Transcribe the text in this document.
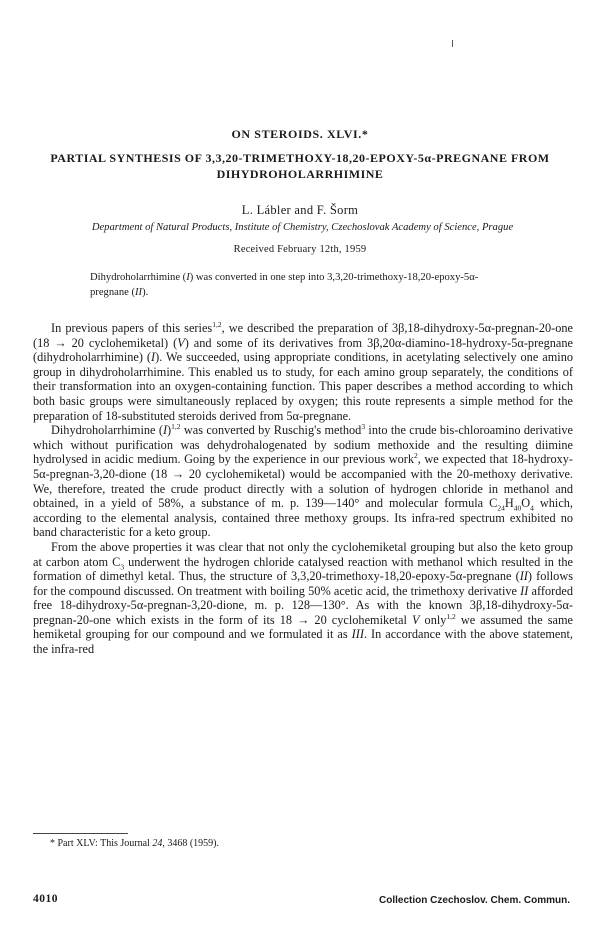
ON STEROIDS. XLVI.*
PARTIAL SYNTHESIS OF 3,3,20-TRIMETHOXY-18,20-EPOXY-5α-PREGNANE FROM DIHYDROHOLARRHIMINE
L. Lábler and F. Šorm
Department of Natural Products, Institute of Chemistry, Czechoslovak Academy of Science, Prague
Received February 12th, 1959
Dihydroholarrhimine (I) was converted in one step into 3,3,20-trimethoxy-18,20-epoxy-5α-pregnane (II).

In previous papers of this series$^{1,2}$, we described the preparation of 3β,18-dihydroxy-5α-pregnan-20-one (18 → 20 cyclohemiketal) (V) and some of its derivatives from 3β,20α-diamino-18-hydroxy-5α-pregnane (dihydroholarrhimine) (I). We succeeded, using appropriate conditions, in acetylating selectively one amino group in dihydroholarrhimine. This enabled us to study, for each amino group separately, the conditions of their transformation into an oxygen-containing function. This paper describes a method according to which both basic groups were simultaneously replaced by oxygen; this route represents a simple method for the preparation of 18-substituted steroids derived from 5α-pregnane.

Dihydroholarrhimine $(I)^{1,2}$ was converted by Ruschig's method$^3$ into the crude bis-chloroamino derivative which without purification was dehydrohalogenated by sodium methoxide and the resulting diimine hydrolysed in acidic medium. Going by the experience in our previous work$^2$, we expected that 18-hydroxy-5α-pregnan-3,20-dione (18 → 20 cyclohemiketal) would be accompanied with the 20-methoxy derivative. We, therefore, treated the crude product directly with a solution of hydrogen chloride in methanol and obtained, in a yield of 58%, a substance of m. p. 139—140° and molecular formula $C_{24}H_{40}O_4$ which, according to the elemental analysis, contained three methoxy groups. Its infra-red spectrum exhibited no band characteristic for a keto group.

From the above properties it was clear that not only the cyclohemiketal grouping but also the keto group at carbon atom $C_3$ underwent the hydrogen chloride catalysed reaction with methanol which resulted in the formation of dimethyl ketal. Thus, the structure of 3,3,20-trimethoxy-18,20-epoxy-5α-pregnane (II) follows for the compound discussed. On treatment with boiling 50% acetic acid, the trimethoxy derivative II afforded free 18-dihydroxy-5α-pregnan-3,20-dione, m. p. 128—130°. As with the known 3β,18-dihydroxy-5α-pregnan-20-one which exists in the form of its 18 → 20 cyclohemiketal V only$^{1,2}$ we assumed the same hemiketal grouping for our compound and we formulated it as III. In accordance with the above statement, the infra-red

* Part XLV: This Journal 24, 3468 (1959).
4010	Collection Czechoslov. Chem. Commun.
